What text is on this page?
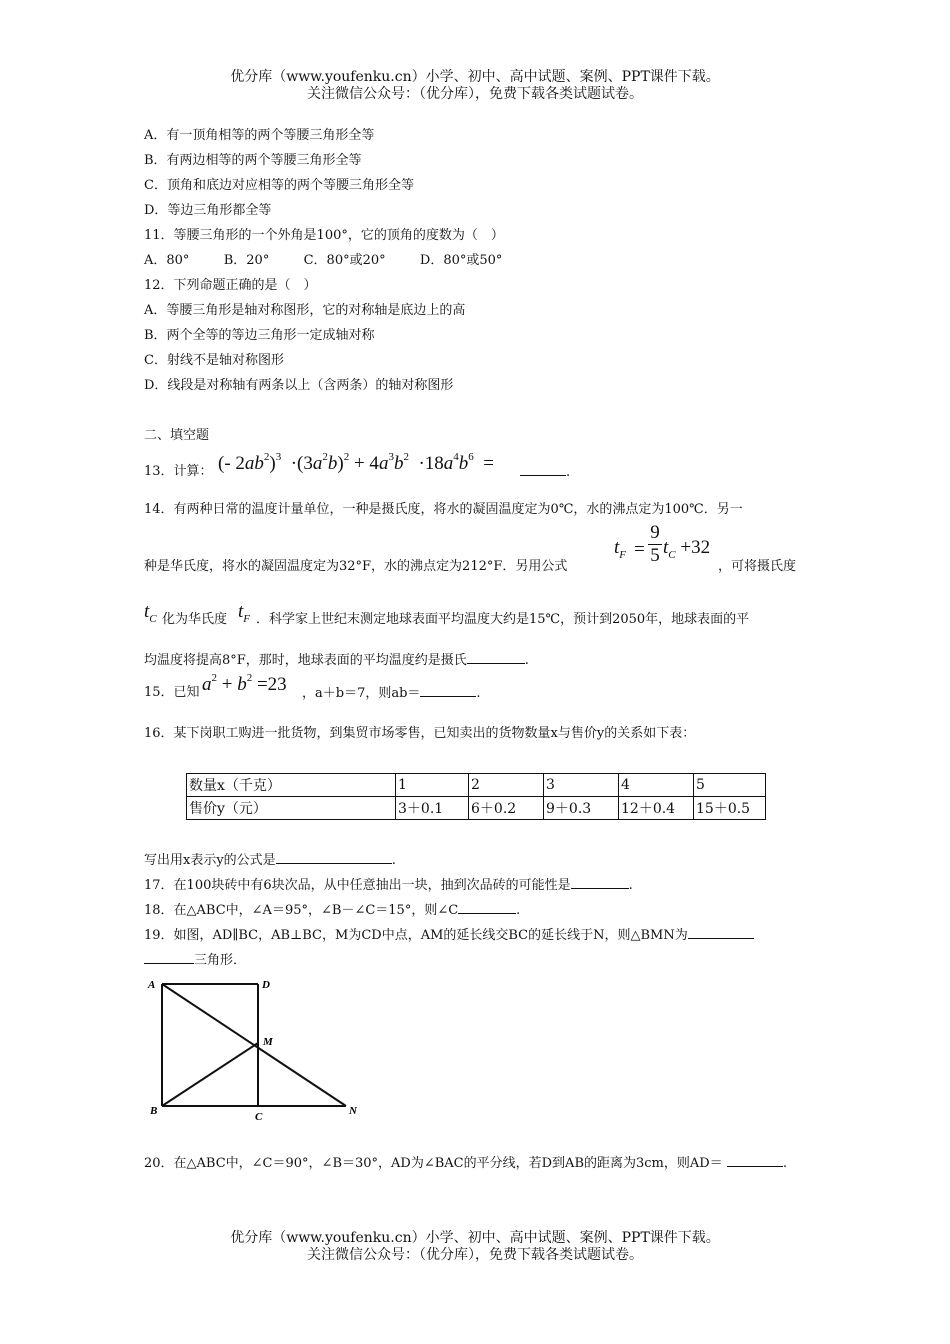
优分库（www.youfenku.cn）小学、初中、高中试题、案例、PPT课件下载。
关注微信公众号：（优分库），免费下载各类试题试卷。
A．有一顶角相等的两个等腰三角形全等
B．有两边相等的两个等腰三角形全等
C．顶角和底边对应相等的两个等腰三角形全等
D．等边三角形都全等
11．等腰三角形的一个外角是100°，它的顶角的度数为（　）
A．80°	B．20°	C．80°或20°	D．80°或50°
12．下列命题正确的是（　）
A．等腰三角形是轴对称图形，它的对称轴是底边上的高
B．两个全等的等边三角形一定成轴对称
C．射线不是轴对称图形
D．线段是对称轴有两条以上（含两条）的轴对称图形
二、填空题
13．计算： (- $2ab^2)^3 \cdot(3a^2b)^2 + 4a^3b^2 \cdot 18a^4b^6$  =	.
14．有两种日常的温度计量单位，一种是摄氏度，将水的凝固温度定为0℃，水的沸点定为100℃．另一
种是华氏度，将水的凝固温度定为32°F，水的沸点定为212°F．另用公式
$t_F = \frac{9}{5} t_C +32$
，可将摄氏度
$t_C$ 化为华氏度 $t_F$ ．科学家上世纪末测定地球表面平均温度大约是15℃，预计到2050年，地球表面的平
均温度将提高8°F，那时，地球表面的平均温度约是摄氏	.
15．已知 $a^2 + b^2 =23$ ，a＋b＝7，则ab＝	.
16．某下岗职工购进一批货物，到集贸市场零售，已知卖出的货物数量x与售价y的关系如下表：
数量x（千克）	1	2	3	4	5
售价y（元）	3＋0.1	6＋0.2	9＋0.3	12＋0.4	15＋0.5
写出用x表示y的公式是	.
17．在100块砖中有6块次品，从中任意抽出一块，抽到次品砖的可能性是	.
18．在△ABC中，∠A＝95°，∠B－∠C＝15°，则∠C	.
19．如图，AD∥BC，AB⊥BC，M为CD中点，AM的延长线交BC的延长线于N，则△BMN为
三角形．
A	D
M
B	C	N
20．在△ABC中，∠C＝90°，∠B＝30°，AD为∠BAC的平分线，若D到AB的距离为3cm，则AD＝	.
优分库（www.youfenku.cn）小学、初中、高中试题、案例、PPT课件下载。
关注微信公众号：（优分库），免费下载各类试题试卷。
